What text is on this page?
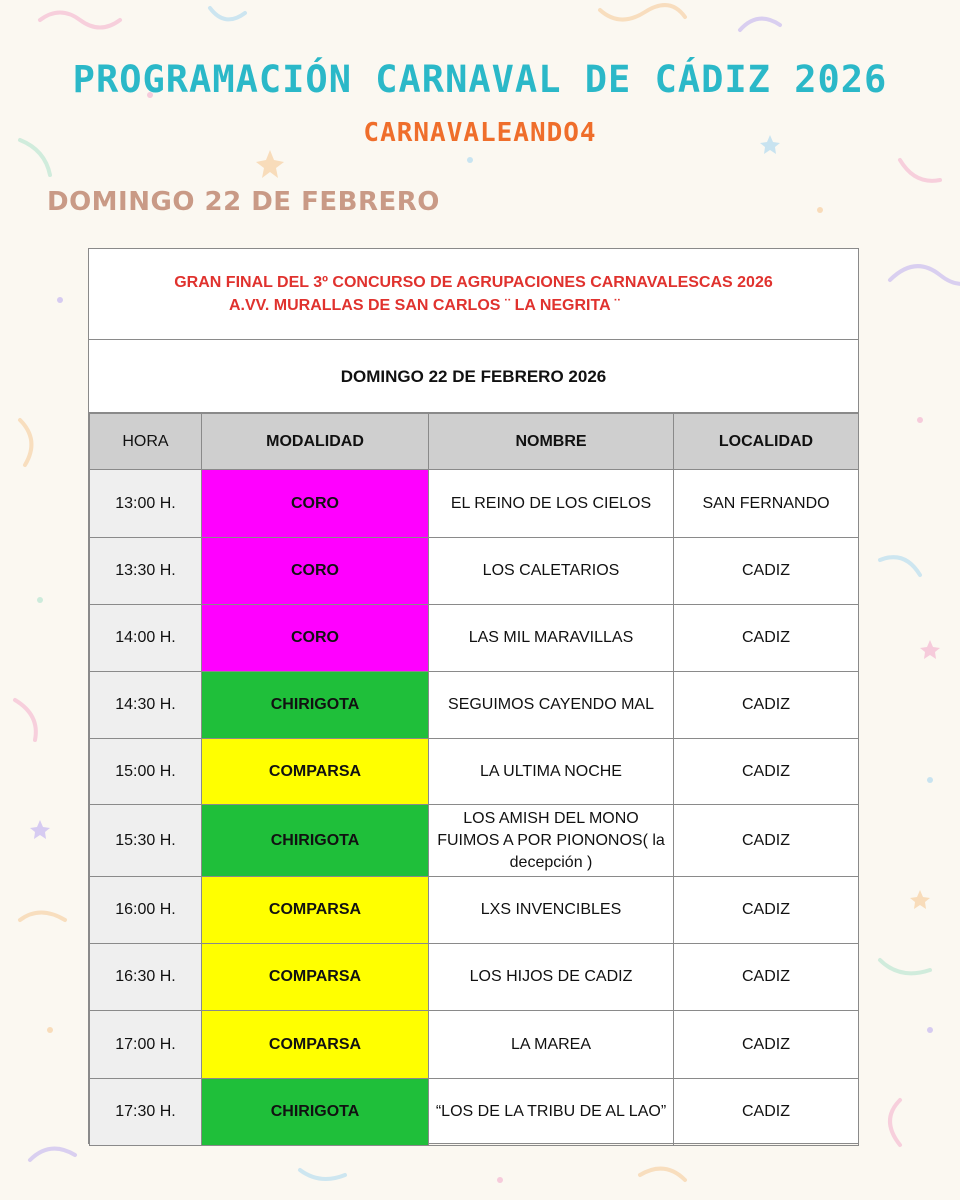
PROGRAMACIÓN CARNAVAL DE CÁDIZ 2026
CARNAVALEANDO4
DOMINGO 22 DE FEBRERO
GRAN FINAL DEL 3º CONCURSO DE AGRUPACIONES CARNAVALESCAS 2026
A.VV. MURALLAS DE SAN CARLOS ¨ LA NEGRITA ¨
DOMINGO 22 DE FEBRERO 2026
HORA	MODALIDAD	NOMBRE	LOCALIDAD
13:00 H.	CORO	EL REINO DE LOS CIELOS	SAN FERNANDO
13:30 H.	CORO	LOS CALETARIOS	CADIZ
14:00 H.	CORO	LAS MIL MARAVILLAS	CADIZ
14:30 H.	CHIRIGOTA	SEGUIMOS CAYENDO MAL	CADIZ
15:00 H.	COMPARSA	LA ULTIMA NOCHE	CADIZ
15:30 H.	CHIRIGOTA	LOS AMISH DEL MONO FUIMOS A POR PIONONOS( la decepción )	CADIZ
16:00 H.	COMPARSA	LXS INVENCIBLES	CADIZ
16:30 H.	COMPARSA	LOS HIJOS DE CADIZ	CADIZ
17:00 H.	COMPARSA	LA MAREA	CADIZ
17:30 H.	CHIRIGOTA	“LOS DE LA TRIBU DE AL LAO”	CADIZ
